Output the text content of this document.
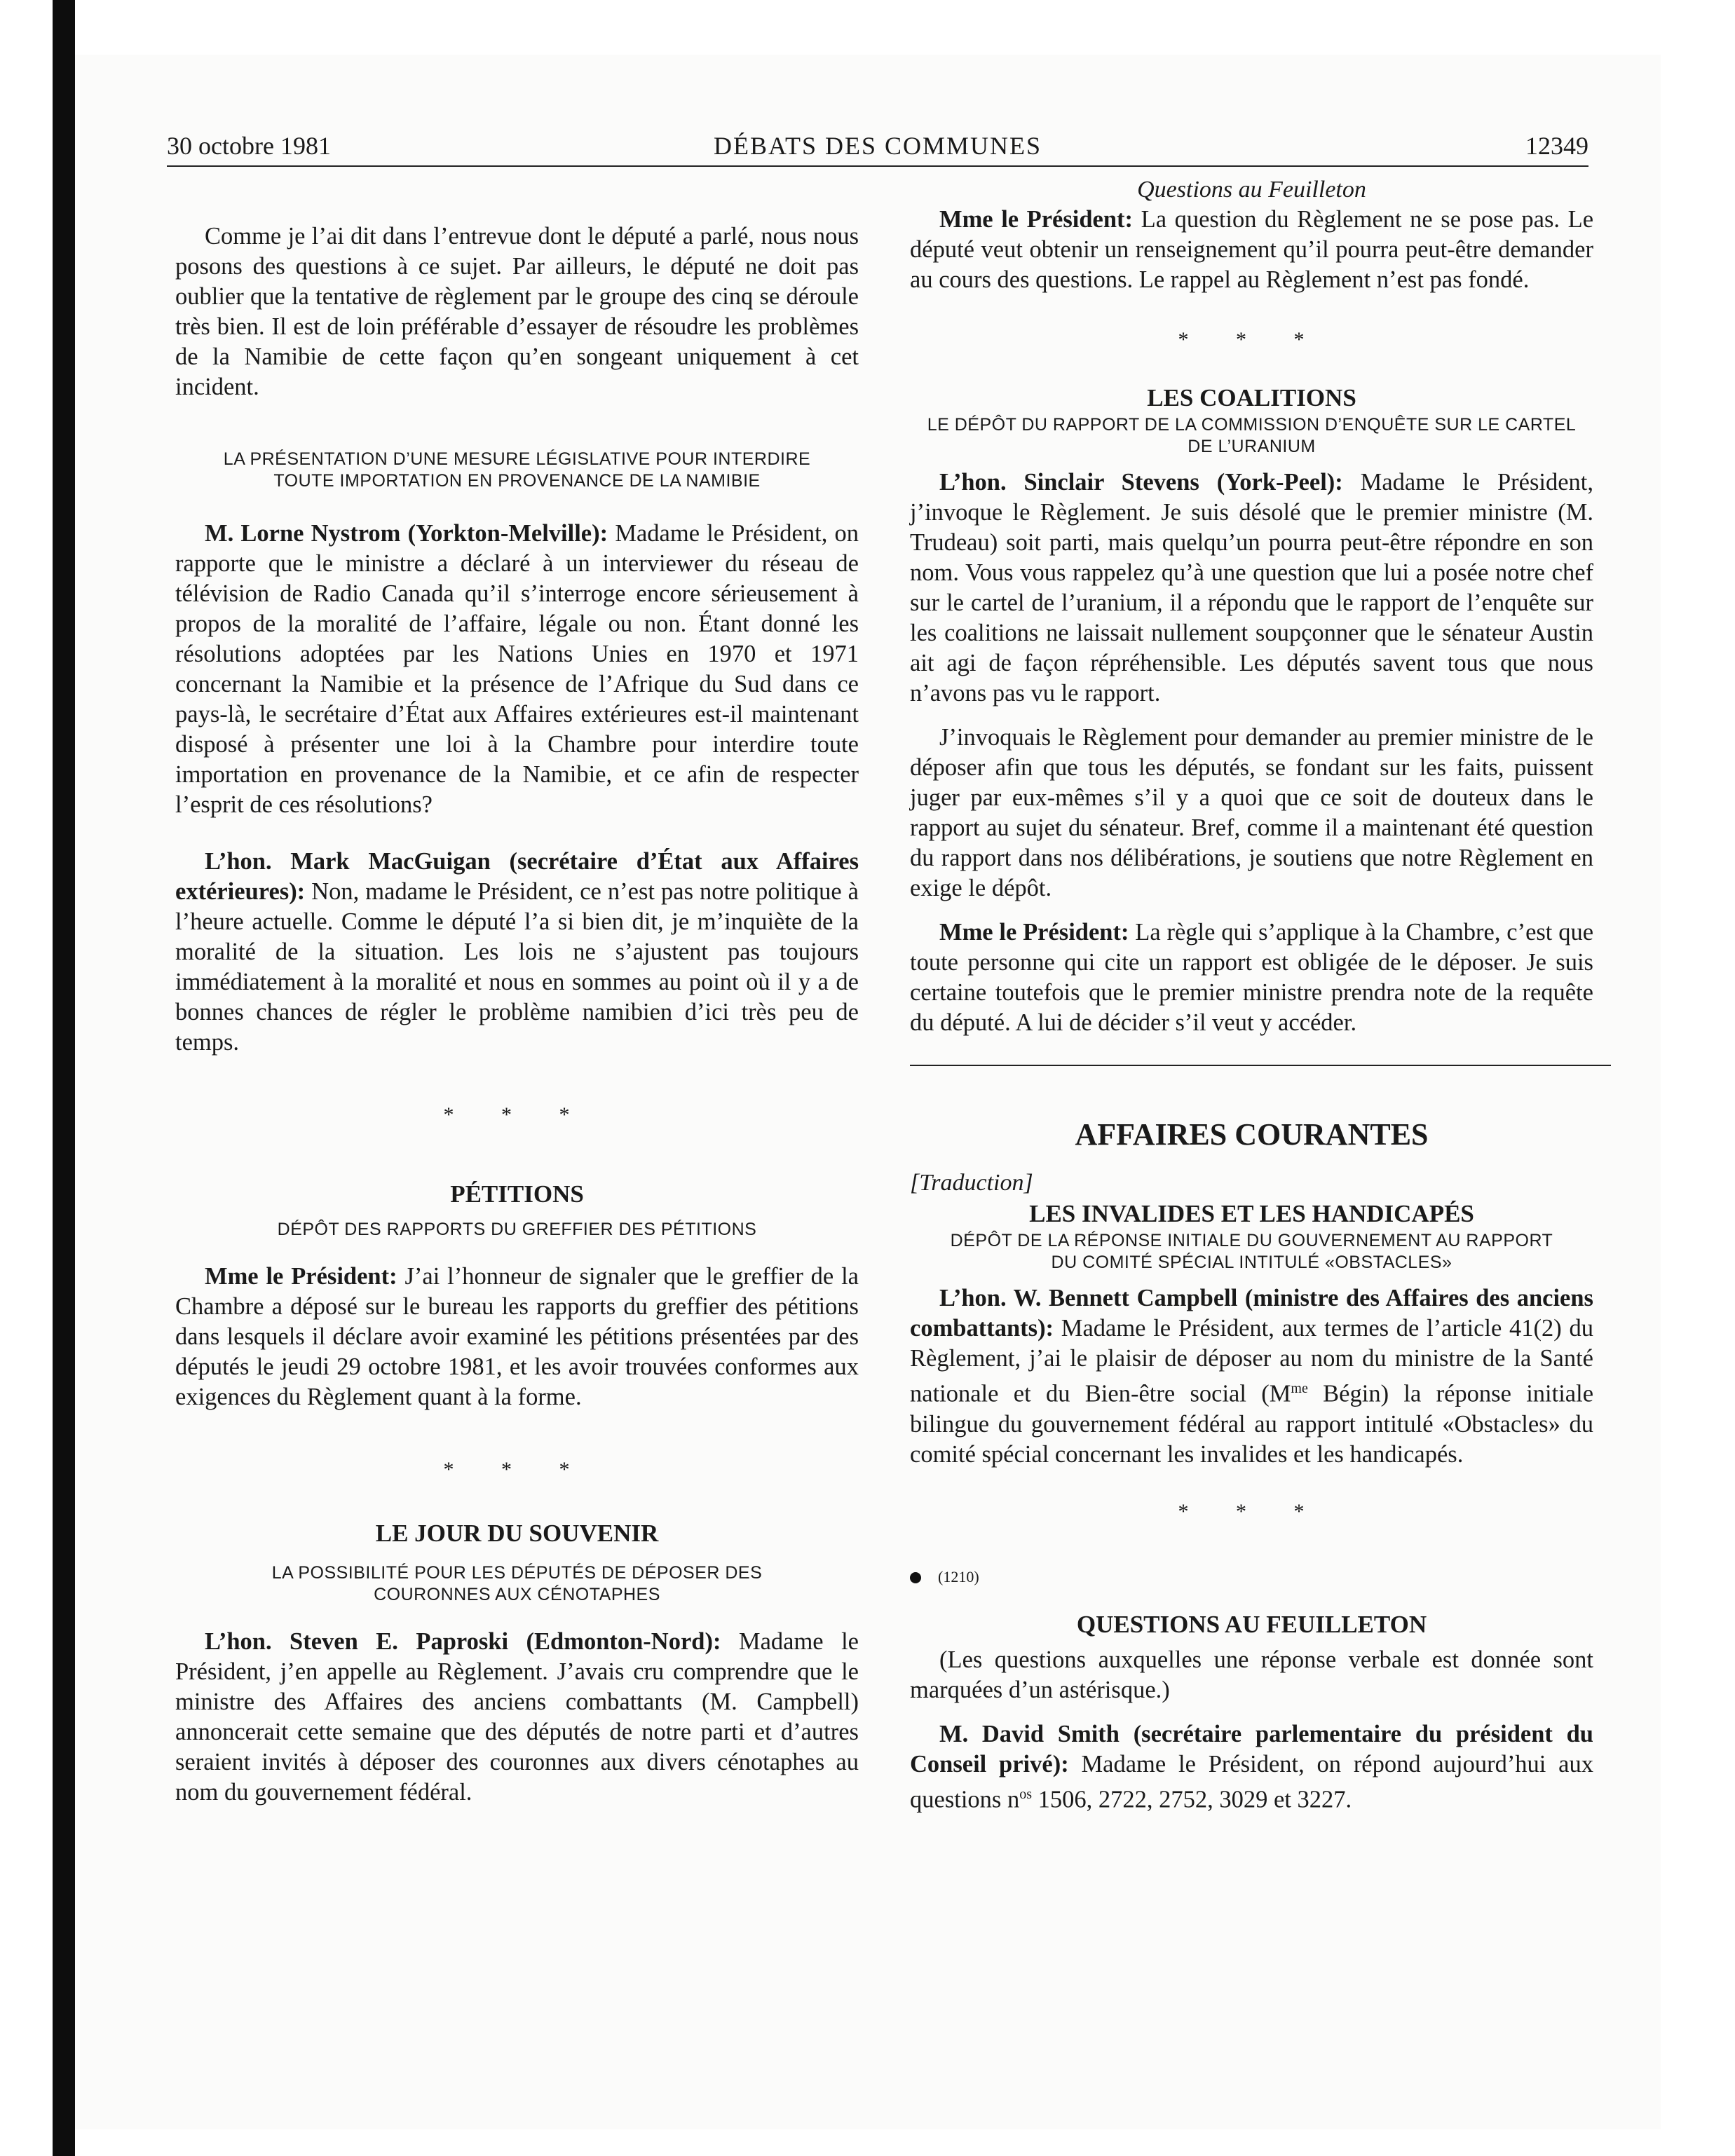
30 octobre 1981	DÉBATS DES COMMUNES	12349

Comme je l’ai dit dans l’entrevue dont le député a parlé, nous nous posons des questions à ce sujet. Par ailleurs, le député ne doit pas oublier que la tentative de règlement par le groupe des cinq se déroule très bien. Il est de loin préférable d’essayer de résoudre les problèmes de la Namibie de cette façon qu’en songeant uniquement à cet incident.

LA PRÉSENTATION D’UNE MESURE LÉGISLATIVE POUR INTERDIRE TOUTE IMPORTATION EN PROVENANCE DE LA NAMIBIE

M. Lorne Nystrom (Yorkton-Melville): Madame le Président, on rapporte que le ministre a déclaré à un interviewer du réseau de télévision de Radio Canada qu’il s’interroge encore sérieusement à propos de la moralité de l’affaire, légale ou non. Étant donné les résolutions adoptées par les Nations Unies en 1970 et 1971 concernant la Namibie et la présence de l’Afrique du Sud dans ce pays-là, le secrétaire d’État aux Affaires extérieures est-il maintenant disposé à présenter une loi à la Chambre pour interdire toute importation en provenance de la Namibie, et ce afin de respecter l’esprit de ces résolutions?

L’hon. Mark MacGuigan (secrétaire d’État aux Affaires extérieures): Non, madame le Président, ce n’est pas notre politique à l’heure actuelle. Comme le député l’a si bien dit, je m’inquiète de la moralité de la situation. Les lois ne s’ajustent pas toujours immédiatement à la moralité et nous en sommes au point où il y a de bonnes chances de régler le problème namibien d’ici très peu de temps.

* * *
PÉTITIONS
DÉPÔT DES RAPPORTS DU GREFFIER DES PÉTITIONS

Mme le Président: J’ai l’honneur de signaler que le greffier de la Chambre a déposé sur le bureau les rapports du greffier des pétitions dans lesquels il déclare avoir examiné les pétitions présentées par des députés le jeudi 29 octobre 1981, et les avoir trouvées conformes aux exigences du Règlement quant à la forme.

* * *
LE JOUR DU SOUVENIR
LA POSSIBILITÉ POUR LES DÉPUTÉS DE DÉPOSER DES COURONNES AUX CÉNOTAPHES

L’hon. Steven E. Paproski (Edmonton-Nord): Madame le Président, j’en appelle au Règlement. J’avais cru comprendre que le ministre des Affaires des anciens combattants (M. Campbell) annoncerait cette semaine que des députés de notre parti et d’autres seraient invités à déposer des couronnes aux divers cénotaphes au nom du gouvernement fédéral.

Questions au Feuilleton

Mme le Président: La question du Règlement ne se pose pas. Le député veut obtenir un renseignement qu’il pourra peut-être demander au cours des questions. Le rappel au Règlement n’est pas fondé.

* * *
LES COALITIONS
LE DÉPÔT DU RAPPORT DE LA COMMISSION D’ENQUÊTE SUR LE CARTEL DE L’URANIUM

L’hon. Sinclair Stevens (York-Peel): Madame le Président, j’invoque le Règlement. Je suis désolé que le premier ministre (M. Trudeau) soit parti, mais quelqu’un pourra peut-être répondre en son nom. Vous vous rappelez qu’à une question que lui a posée notre chef sur le cartel de l’uranium, il a répondu que le rapport de l’enquête sur les coalitions ne laissait nullement soupçonner que le sénateur Austin ait agi de façon répréhensible. Les députés savent tous que nous n’avons pas vu le rapport.

J’invoquais le Règlement pour demander au premier ministre de le déposer afin que tous les députés, se fondant sur les faits, puissent juger par eux-mêmes s’il y a quoi que ce soit de douteux dans le rapport au sujet du sénateur. Bref, comme il a maintenant été question du rapport dans nos délibérations, je soutiens que notre Règlement en exige le dépôt.

Mme le Président: La règle qui s’applique à la Chambre, c’est que toute personne qui cite un rapport est obligée de le déposer. Je suis certaine toutefois que le premier ministre prendra note de la requête du député. A lui de décider s’il veut y accéder.

AFFAIRES COURANTES
[Traduction]
LES INVALIDES ET LES HANDICAPÉS
DÉPÔT DE LA RÉPONSE INITIALE DU GOUVERNEMENT AU RAPPORT DU COMITÉ SPÉCIAL INTITULÉ «OBSTACLES»

L’hon. W. Bennett Campbell (ministre des Affaires des anciens combattants): Madame le Président, aux termes de l’article 41(2) du Règlement, j’ai le plaisir de déposer au nom du ministre de la Santé nationale et du Bien-être social ($M^{me}$ Bégin) la réponse initiale bilingue du gouvernement fédéral au rapport intitulé «Obstacles» du comité spécial concernant les invalides et les handicapés.

* * *
(1210)
QUESTIONS AU FEUILLETON

(Les questions auxquelles une réponse verbale est donnée sont marquées d’un astérisque.)

M. David Smith (secrétaire parlementaire du président du Conseil privé): Madame le Président, on répond aujourd’hui aux questions $n^{os}$ 1506, 2722, 2752, 3029 et 3227.
